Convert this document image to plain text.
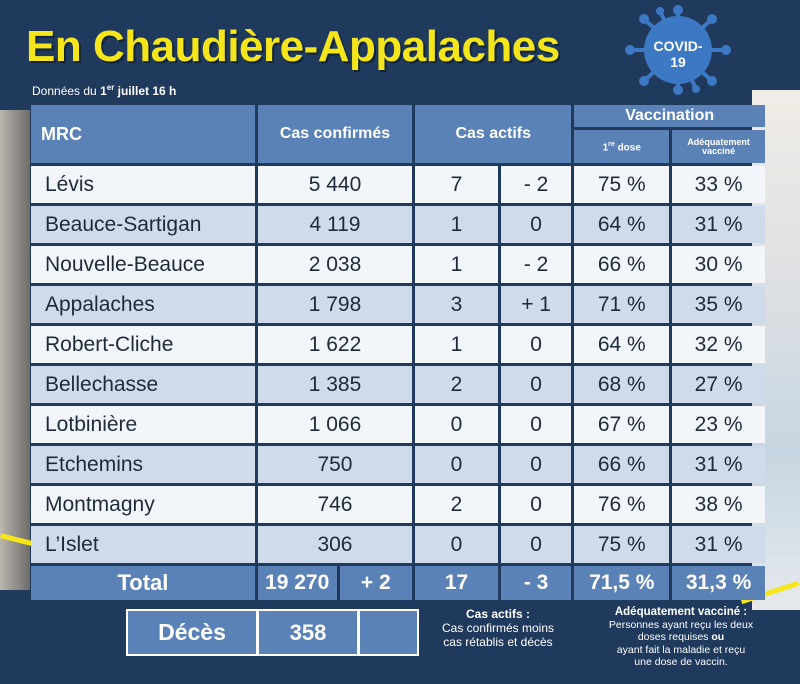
En Chaudière-Appalaches
Données du 1er juillet 16 h
COVID-
19
MRC	Cas confirmés		Cas actifs		Vaccination	
					1re dose	Adéquatement
vacciné
Lévis	5 440		7	- 2	75 %	33 %
Beauce-Sartigan	4 119		1	0	64 %	31 %
Nouvelle-Beauce	2 038		1	- 2	66 %	30 %
Appalaches	1 798		3	+ 1	71 %	35 %
Robert-Cliche	1 622		1	0	64 %	32 %
Bellechasse	1 385		2	0	68 %	27 %
Lotbinière	1 066		0	0	67 %	23 %
Etchemins	750		0	0	66 %	31 %
Montmagny	746		2	0	76 %	38 %
L’Islet	306		0	0	75 %	31 %
Total	19 270	+ 2	17	- 3	71,5 %	31,3 %
Décès	358
Cas actifs :
Cas confirmés moins
cas rétablis et décès
Adéquatement vacciné :
Personnes ayant reçu les deux
doses requises ou
ayant fait la maladie et reçu
une dose de vaccin.
